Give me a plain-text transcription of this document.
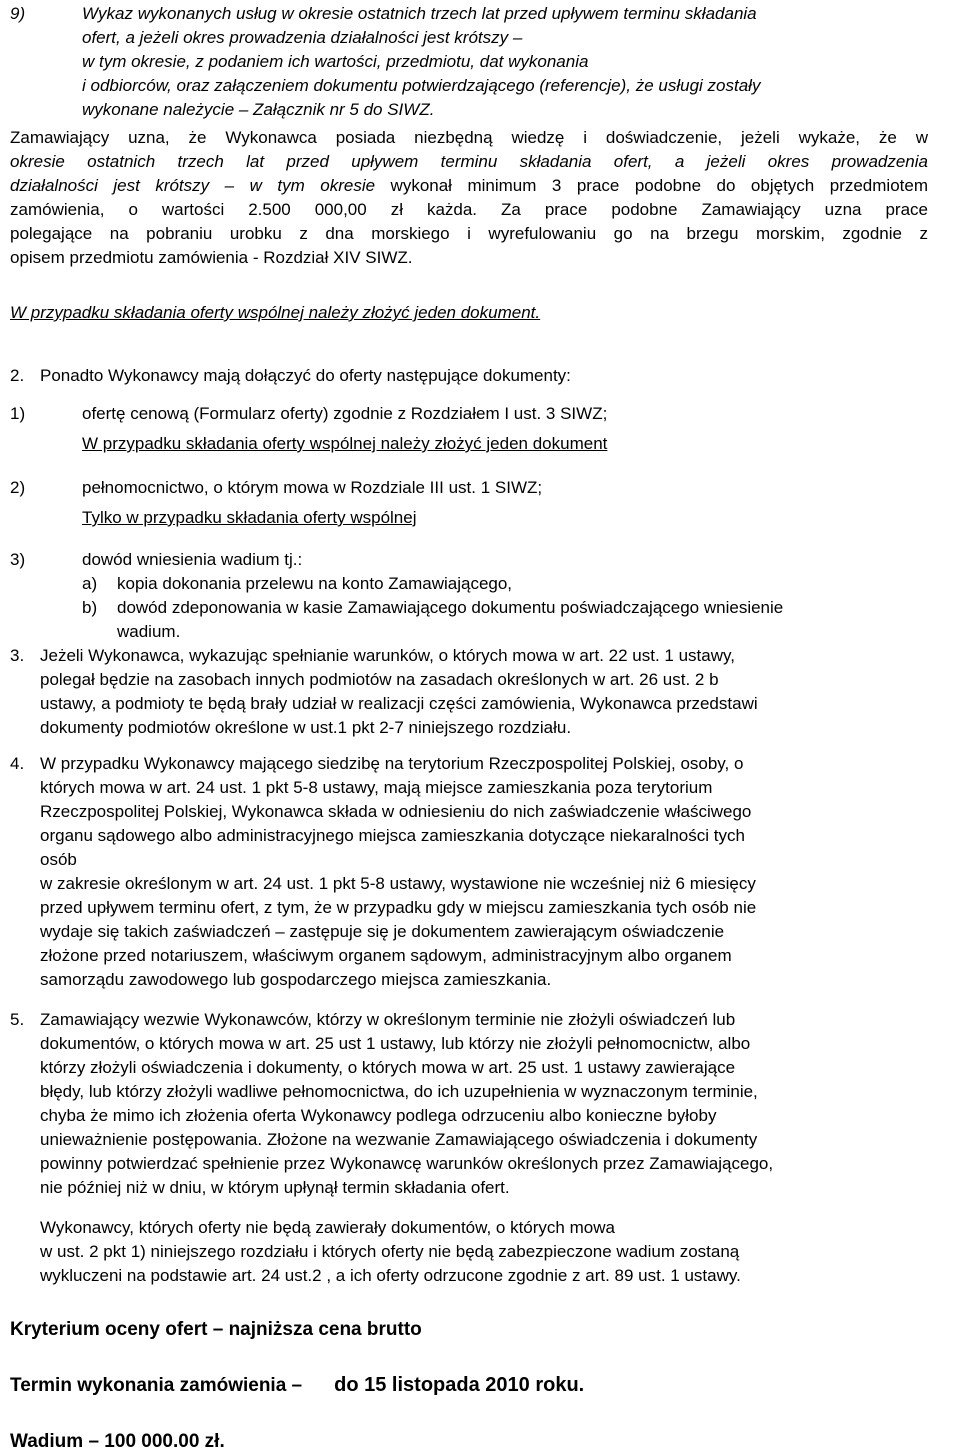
9)	Wykaz wykonanych usług w okresie ostatnich trzech lat przed upływem terminu składania
ofert, a jeżeli okres prowadzenia działalności jest krótszy –
w tym okresie, z podaniem ich wartości, przedmiotu, dat wykonania
i odbiorców, oraz załączeniem dokumentu potwierdzającego (referencje), że usługi zostały
wykonane należycie – Załącznik nr 5 do SIWZ.
Zamawiający uzna, że Wykonawca posiada niezbędną wiedzę i doświadczenie, jeżeli wykaże, że w
okresie ostatnich trzech lat przed upływem terminu składania ofert, a jeżeli okres prowadzenia
działalności jest krótszy – w tym okresie wykonał minimum 3 prace podobne do objętych przedmiotem
zamówienia, o wartości 2.500 000,00 zł każda. Za prace podobne Zamawiający uzna prace
polegające na pobraniu urobku z dna morskiego i wyrefulowaniu go na brzegu morskim, zgodnie z
opisem przedmiotu zamówienia - Rozdział XIV SIWZ.
W przypadku składania oferty wspólnej należy złożyć jeden dokument.
2. Ponadto Wykonawcy mają dołączyć do oferty następujące dokumenty:
1)	ofertę cenową (Formularz oferty) zgodnie z Rozdziałem I ust. 3 SIWZ;
W przypadku składania oferty wspólnej należy złożyć jeden dokument
2)	pełnomocnictwo, o którym mowa w Rozdziale III ust. 1 SIWZ;
Tylko w przypadku składania oferty wspólnej
3)	dowód wniesienia wadium tj.:
a) kopia dokonania przelewu na konto Zamawiającego,
b) dowód zdeponowania w kasie Zamawiającego dokumentu poświadczającego wniesienie
wadium.
3. Jeżeli Wykonawca, wykazując spełnianie warunków, o których mowa w art. 22 ust. 1 ustawy,
polegał będzie na zasobach innych podmiotów na zasadach określonych w art. 26 ust. 2 b
ustawy, a podmioty te będą brały udział w realizacji części zamówienia, Wykonawca przedstawi
dokumenty podmiotów określone w ust.1 pkt 2-7 niniejszego rozdziału.
4. W przypadku Wykonawcy mającego siedzibę na terytorium Rzeczpospolitej Polskiej, osoby, o
których mowa w art. 24 ust. 1 pkt 5-8 ustawy, mają miejsce zamieszkania poza terytorium
Rzeczpospolitej Polskiej, Wykonawca składa w odniesieniu do nich zaświadczenie właściwego
organu sądowego albo administracyjnego miejsca zamieszkania dotyczące niekaralności tych
osób
w zakresie określonym w art. 24 ust. 1 pkt 5-8 ustawy, wystawione nie wcześniej niż 6 miesięcy
przed upływem terminu ofert, z tym, że w przypadku gdy w miejscu zamieszkania tych osób nie
wydaje się takich zaświadczeń – zastępuje się je dokumentem zawierającym oświadczenie
złożone przed notariuszem, właściwym organem sądowym, administracyjnym albo organem
samorządu zawodowego lub gospodarczego miejsca zamieszkania.
5. Zamawiający wezwie Wykonawców, którzy w określonym terminie nie złożyli oświadczeń lub
dokumentów, o których mowa w art. 25 ust 1 ustawy, lub którzy nie złożyli pełnomocnictw, albo
którzy złożyli oświadczenia i dokumenty, o których mowa w art. 25 ust. 1 ustawy zawierające
błędy, lub którzy złożyli wadliwe pełnomocnictwa, do ich uzupełnienia w wyznaczonym terminie,
chyba że mimo ich złożenia oferta Wykonawcy podlega odrzuceniu albo konieczne byłoby
unieważnienie postępowania. Złożone na wezwanie Zamawiającego oświadczenia i dokumenty
powinny potwierdzać spełnienie przez Wykonawcę warunków określonych przez Zamawiającego,
nie później niż w dniu, w którym upłynął termin składania ofert.
Wykonawcy, których oferty nie będą zawierały dokumentów, o których mowa
w ust. 2 pkt 1) niniejszego rozdziału i których oferty nie będą zabezpieczone wadium zostaną
wykluczeni na podstawie art. 24 ust.2 , a ich oferty odrzucone zgodnie z art. 89 ust. 1 ustawy.
Kryterium oceny ofert – najniższa cena brutto
Termin wykonania zamówienia – do 15 listopada 2010 roku.
Wadium – 100 000.00 zł.
